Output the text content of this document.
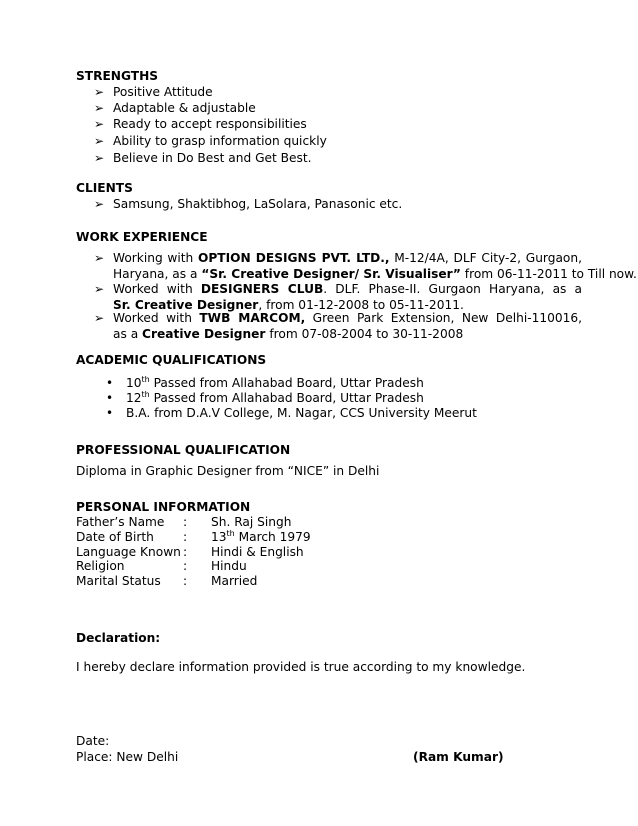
STRENGTHS
➢ Positive Attitude
➢ Adaptable & adjustable
➢ Ready to accept responsibilities
➢ Ability to grasp information quickly
➢ Believe in Do Best and Get Best.
CLIENTS
➢ Samsung, Shaktibhog, LaSolara, Panasonic etc.
WORK EXPERIENCE
➢ Working with OPTION DESIGNS PVT. LTD., M-12/4A, DLF City-2, Gurgaon,
Haryana, as a “Sr. Creative Designer/ Sr. Visualiser” from 06-11-2011 to Till now.
➢ Worked with DESIGNERS CLUB. DLF. Phase-II. Gurgaon Haryana, as a
Sr. Creative Designer, from 01-12-2008 to 05-11-2011.
➢ Worked with TWB MARCOM, Green Park Extension, New Delhi-110016,
as a Creative Designer from 07-08-2004 to 30-11-2008
ACADEMIC QUALIFICATIONS
• 10th Passed from Allahabad Board, Uttar Pradesh
• 12th Passed from Allahabad Board, Uttar Pradesh
• B.A. from D.A.V College, M. Nagar, CCS University Meerut
PROFESSIONAL QUALIFICATION
Diploma in Graphic Designer from “NICE” in Delhi
PERSONAL INFORMATION
Father’s Name : Sh. Raj Singh
Date of Birth : 13th March 1979
Language Known : Hindi & English
Religion	: Hindu
Marital Status : Married
Declaration:
I hereby declare information provided is true according to my knowledge.
Date:
Place: New Delhi	(Ram Kumar)
